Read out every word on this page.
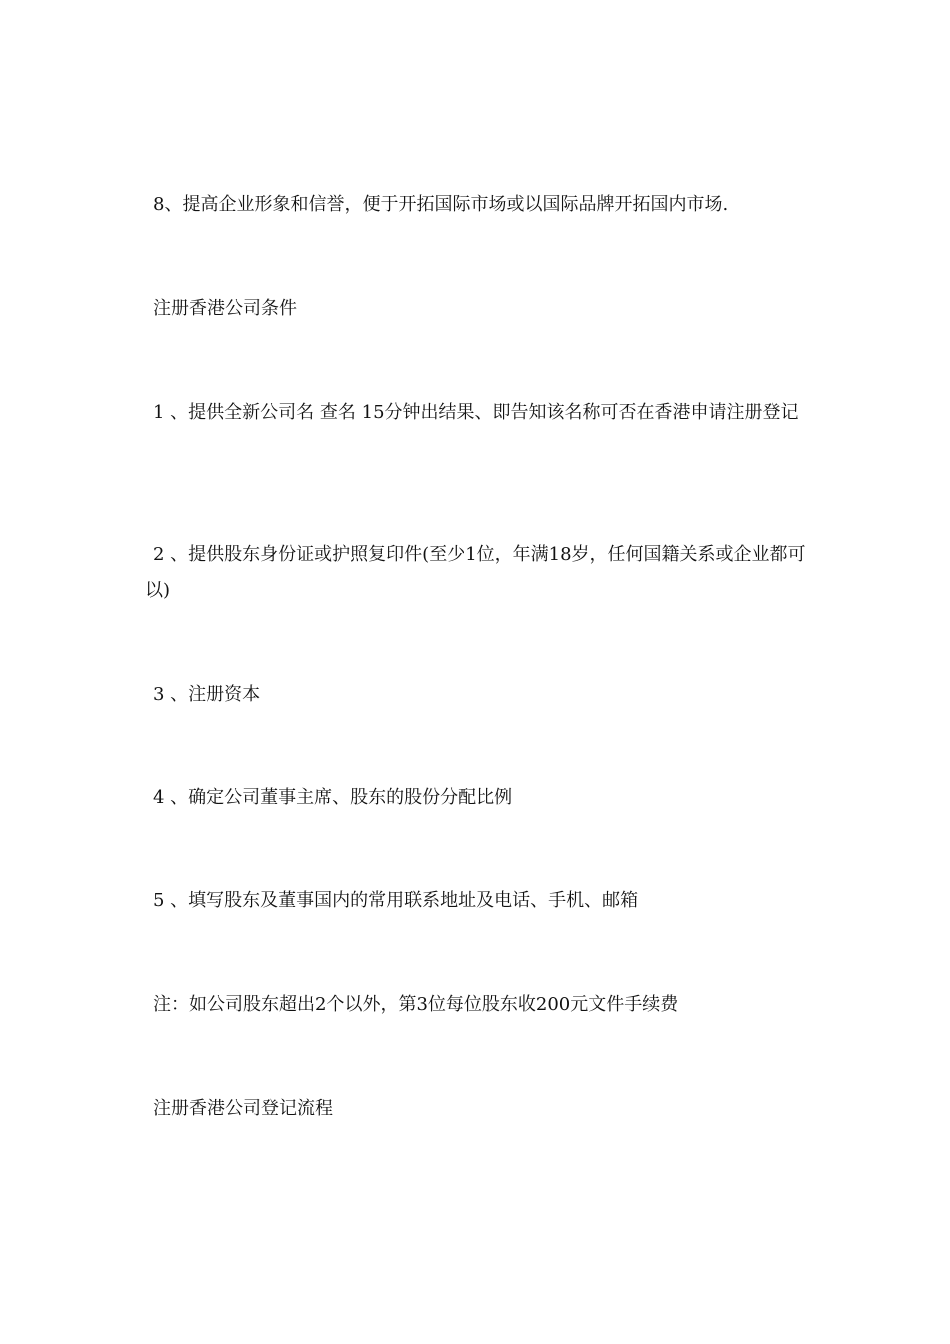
8、提高企业形象和信誉，便于开拓国际市场或以国际品牌开拓国内市场.

注册香港公司条件

1 、提供全新公司名 查名 15分钟出结果、即告知该名称可否在香港申请注册登记

2 、提供股东身份证或护照复印件(至少1位，年满18岁，任何国籍关系或企业都可以)

3 、注册资本

4 、确定公司董事主席、股东的股份分配比例

5 、填写股东及董事国内的常用联系地址及电话、手机、邮箱

注：如公司股东超出2个以外，第3位每位股东收200元文件手续费

注册香港公司登记流程
